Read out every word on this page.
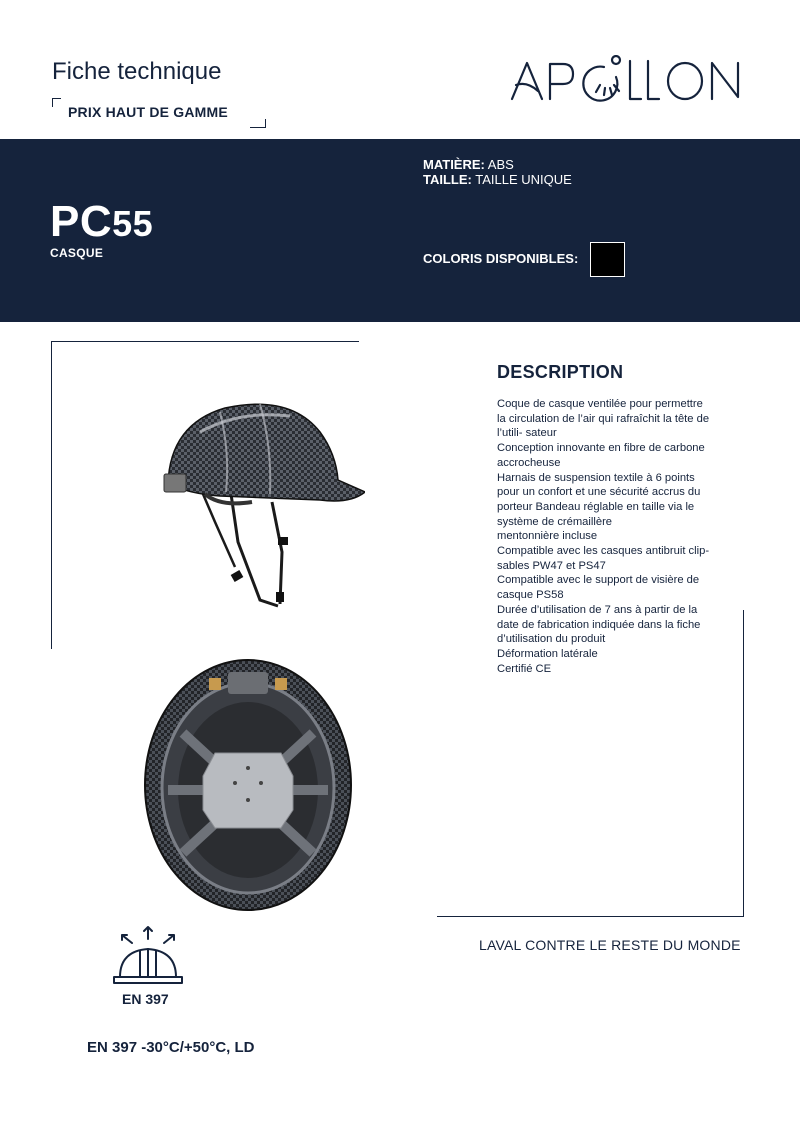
Fiche technique
PRIX HAUT DE GAMME
APOLLON
PC55
CASQUE
MATIÈRE: ABS
TAILLE: TAILLE UNIQUE
COLORIS DISPONIBLES:
DESCRIPTION
Coque de casque ventilée pour permettre
la circulation de l’air qui rafraîchit la tête de
l’utili- sateur
Conception innovante en fibre de carbone
accrocheuse
Harnais de suspension textile à 6 points
pour un confort et une sécurité accrus du
porteur Bandeau réglable en taille via le
système de crémaillère
mentonnière incluse
Compatible avec les casques antibruit clip-
sables PW47 et PS47
Compatible avec le support de visière de
casque PS58
Durée d’utilisation de 7 ans à partir de la
date de fabrication indiquée dans la fiche
d’utilisation du produit
Déformation latérale
Certifié CE
LAVAL CONTRE LE RESTE DU MONDE
EN 397
EN 397 -30°C/+50°C, LD
